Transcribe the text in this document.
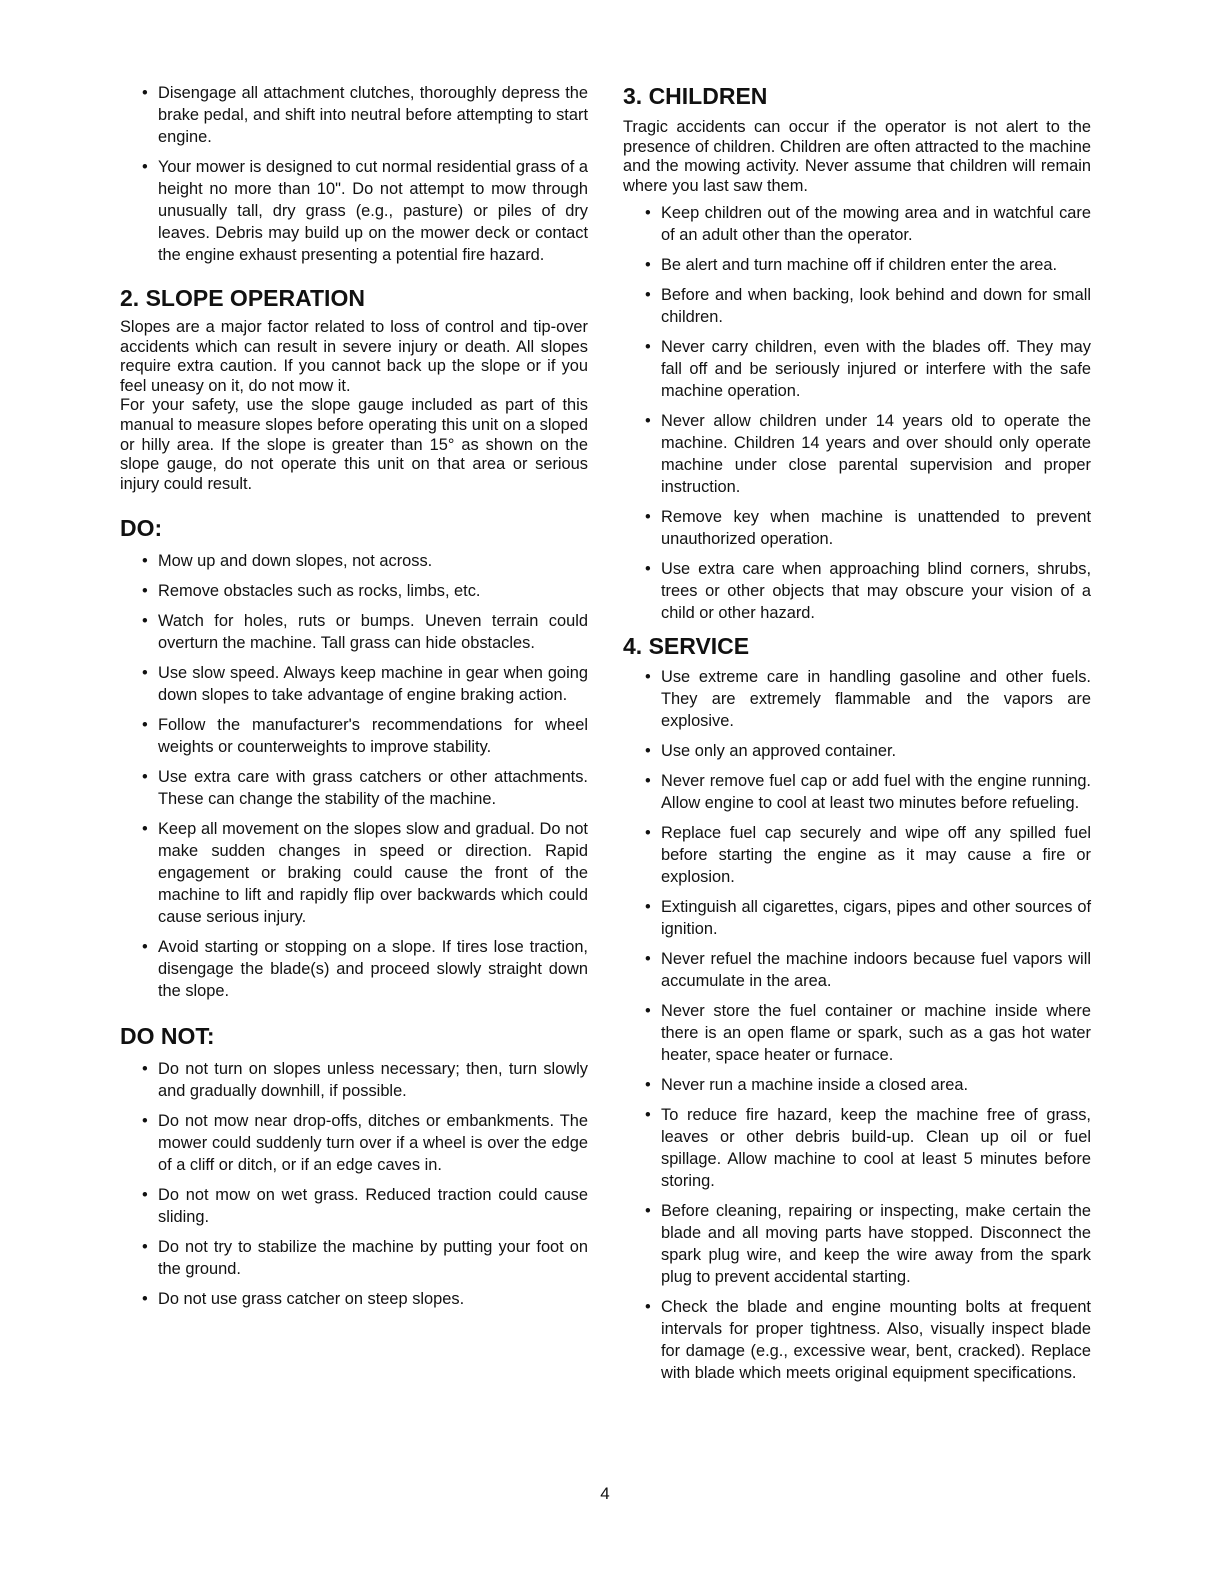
• Disengage all attachment clutches, thoroughly depress the brake pedal, and shift into neutral before attempting to start engine.
• Your mower is designed to cut normal residential grass of a height no more than 10". Do not attempt to mow through unusually tall, dry grass (e.g., pasture) or piles of dry leaves. Debris may build up on the mower deck or contact the engine exhaust presenting a potential fire hazard.
2. SLOPE OPERATION

Slopes are a major factor related to loss of control and tip-over accidents which can result in severe injury or death. All slopes require extra caution. If you cannot back up the slope or if you feel uneasy on it, do not mow it.

For your safety, use the slope gauge included as part of this manual to measure slopes before operating this unit on a sloped or hilly area. If the slope is greater than 15° as shown on the slope gauge, do not operate this unit on that area or serious injury could result.

DO:
• Mow up and down slopes, not across.
• Remove obstacles such as rocks, limbs, etc.
• Watch for holes, ruts or bumps. Uneven terrain could overturn the machine. Tall grass can hide obstacles.
• Use slow speed. Always keep machine in gear when going down slopes to take advantage of engine braking action.
• Follow the manufacturer's recommendations for wheel weights or counterweights to improve stability.
• Use extra care with grass catchers or other attachments. These can change the stability of the machine.
• Keep all movement on the slopes slow and gradual. Do not make sudden changes in speed or direction. Rapid engagement or braking could cause the front of the machine to lift and rapidly flip over backwards which could cause serious injury.
• Avoid starting or stopping on a slope. If tires lose traction, disengage the blade(s) and proceed slowly straight down the slope.
DO NOT:
• Do not turn on slopes unless necessary; then, turn slowly and gradually downhill, if possible.
• Do not mow near drop-offs, ditches or embankments. The mower could suddenly turn over if a wheel is over the edge of a cliff or ditch, or if an edge caves in.
• Do not mow on wet grass. Reduced traction could cause sliding.
• Do not try to stabilize the machine by putting your foot on the ground.
• Do not use grass catcher on steep slopes.
3. CHILDREN

Tragic accidents can occur if the operator is not alert to the presence of children. Children are often attracted to the machine and the mowing activity. Never assume that children will remain where you last saw them.

• Keep children out of the mowing area and in watchful care of an adult other than the operator.
• Be alert and turn machine off if children enter the area.
• Before and when backing, look behind and down for small children.
• Never carry children, even with the blades off. They may fall off and be seriously injured or interfere with the safe machine operation.
• Never allow children under 14 years old to operate the machine. Children 14 years and over should only operate machine under close parental supervision and proper instruction.
• Remove key when machine is unattended to prevent unauthorized operation.
• Use extra care when approaching blind corners, shrubs, trees or other objects that may obscure your vision of a child or other hazard.
4. SERVICE
• Use extreme care in handling gasoline and other fuels. They are extremely flammable and the vapors are explosive.
• Use only an approved container.
• Never remove fuel cap or add fuel with the engine running. Allow engine to cool at least two minutes before refueling.
• Replace fuel cap securely and wipe off any spilled fuel before starting the engine as it may cause a fire or explosion.
• Extinguish all cigarettes, cigars, pipes and other sources of ignition.
• Never refuel the machine indoors because fuel vapors will accumulate in the area.
• Never store the fuel container or machine inside where there is an open flame or spark, such as a gas hot water heater, space heater or furnace.
• Never run a machine inside a closed area.
• To reduce fire hazard, keep the machine free of grass, leaves or other debris build-up. Clean up oil or fuel spillage. Allow machine to cool at least 5 minutes before storing.
• Before cleaning, repairing or inspecting, make certain the blade and all moving parts have stopped. Disconnect the spark plug wire, and keep the wire away from the spark plug to prevent accidental starting.
• Check the blade and engine mounting bolts at frequent intervals for proper tightness. Also, visually inspect blade for damage (e.g., excessive wear, bent, cracked). Replace with blade which meets original equipment specifications.
4
